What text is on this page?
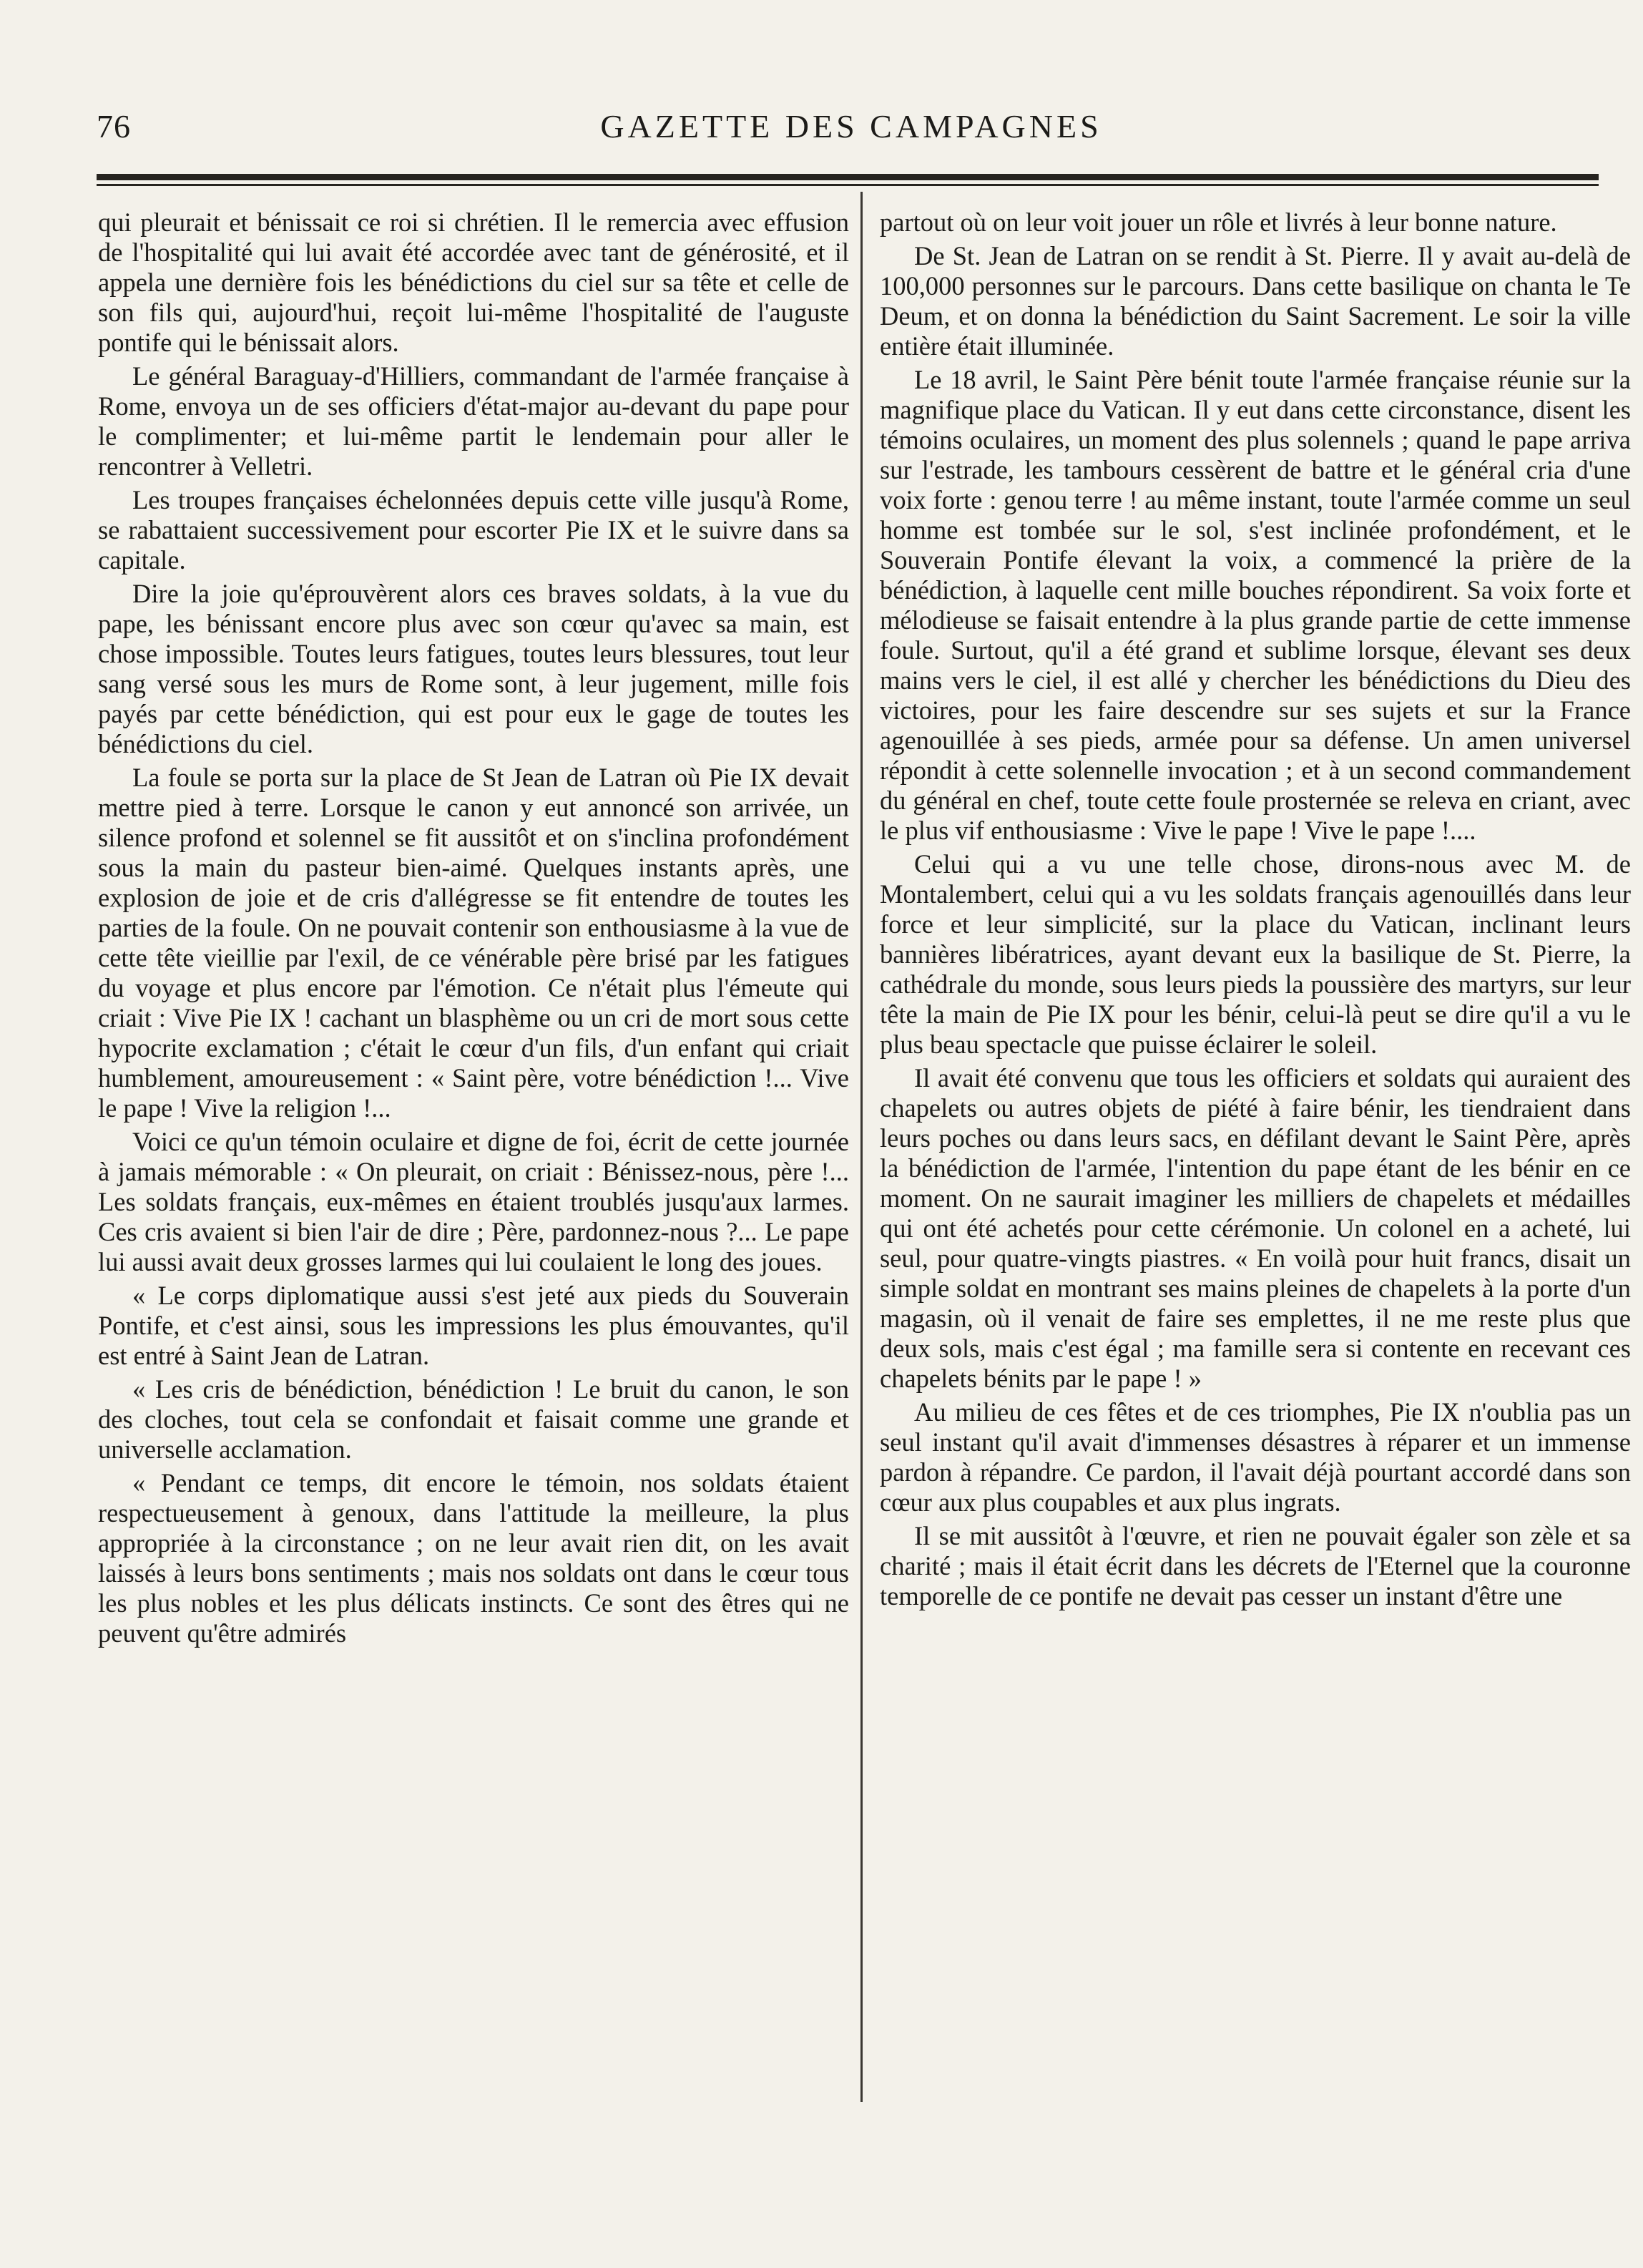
76	GAZETTE DES CAMPAGNES

qui pleurait et bénissait ce roi si chrétien. Il le remercia avec effusion de l'hospitalité qui lui avait été accordée avec tant de générosité, et il appela une dernière fois les bénédictions du ciel sur sa tête et celle de son fils qui, aujourd'hui, reçoit lui-même l'hospitalité de l'auguste pontife qui le bénissait alors.

Le général Baraguay-d'Hilliers, commandant de l'armée française à Rome, envoya un de ses officiers d'état-major au-devant du pape pour le complimenter; et lui-même partit le lendemain pour aller le rencontrer à Velletri.

Les troupes françaises échelonnées depuis cette ville jusqu'à Rome, se rabattaient successivement pour escorter Pie IX et le suivre dans sa capitale.

Dire la joie qu'éprouvèrent alors ces braves soldats, à la vue du pape, les bénissant encore plus avec son cœur qu'avec sa main, est chose impossible. Toutes leurs fatigues, toutes leurs blessures, tout leur sang versé sous les murs de Rome sont, à leur jugement, mille fois payés par cette bénédiction, qui est pour eux le gage de toutes les bénédictions du ciel.

La foule se porta sur la place de St Jean de Latran où Pie IX devait mettre pied à terre. Lorsque le canon y eut annoncé son arrivée, un silence profond et solennel se fit aussitôt et on s'inclina profondément sous la main du pasteur bien-aimé. Quelques instants après, une explosion de joie et de cris d'allégresse se fit entendre de toutes les parties de la foule. On ne pouvait contenir son enthousiasme à la vue de cette tête vieillie par l'exil, de ce vénérable père brisé par les fatigues du voyage et plus encore par l'émotion. Ce n'était plus l'émeute qui criait : Vive Pie IX ! cachant un blasphème ou un cri de mort sous cette hypocrite exclamation ; c'était le cœur d'un fils, d'un enfant qui criait humblement, amoureusement : « Saint père, votre bénédiction !... Vive le pape ! Vive la religion !...

Voici ce qu'un témoin oculaire et digne de foi, écrit de cette journée à jamais mémorable : « On pleurait, on criait : Bénissez-nous, père !... Les soldats français, eux-mêmes en étaient troublés jusqu'aux larmes. Ces cris avaient si bien l'air de dire ; Père, pardonnez-nous ?... Le pape lui aussi avait deux grosses larmes qui lui coulaient le long des joues.

« Le corps diplomatique aussi s'est jeté aux pieds du Souverain Pontife, et c'est ainsi, sous les impressions les plus émouvantes, qu'il est entré à Saint Jean de Latran.

« Les cris de bénédiction, bénédiction ! Le bruit du canon, le son des cloches, tout cela se confondait et faisait comme une grande et universelle acclamation.

« Pendant ce temps, dit encore le témoin, nos soldats étaient respectueusement à genoux, dans l'attitude la meilleure, la plus appropriée à la circonstance ; on ne leur avait rien dit, on les avait laissés à leurs bons sentiments ; mais nos soldats ont dans le cœur tous les plus nobles et les plus délicats instincts. Ce sont des êtres qui ne peuvent qu'être admirés

partout où on leur voit jouer un rôle et livrés à leur bonne nature.

De St. Jean de Latran on se rendit à St. Pierre. Il y avait au-delà de 100,000 personnes sur le parcours. Dans cette basilique on chanta le Te Deum, et on donna la bénédiction du Saint Sacrement. Le soir la ville entière était illuminée.

Le 18 avril, le Saint Père bénit toute l'armée française réunie sur la magnifique place du Vatican. Il y eut dans cette circonstance, disent les témoins oculaires, un moment des plus solennels ; quand le pape arriva sur l'estrade, les tambours cessèrent de battre et le général cria d'une voix forte : genou terre ! au même instant, toute l'armée comme un seul homme est tombée sur le sol, s'est inclinée profondément, et le Souverain Pontife élevant la voix, a commencé la prière de la bénédiction, à laquelle cent mille bouches répondirent. Sa voix forte et mélodieuse se faisait entendre à la plus grande partie de cette immense foule. Surtout, qu'il a été grand et sublime lorsque, élevant ses deux mains vers le ciel, il est allé y chercher les bénédictions du Dieu des victoires, pour les faire descendre sur ses sujets et sur la France agenouillée à ses pieds, armée pour sa défense. Un amen universel répondit à cette solennelle invocation ; et à un second commandement du général en chef, toute cette foule prosternée se releva en criant, avec le plus vif enthousiasme : Vive le pape ! Vive le pape !....

Celui qui a vu une telle chose, dirons-nous avec M. de Montalembert, celui qui a vu les soldats français agenouillés dans leur force et leur simplicité, sur la place du Vatican, inclinant leurs bannières libératrices, ayant devant eux la basilique de St. Pierre, la cathédrale du monde, sous leurs pieds la poussière des martyrs, sur leur tête la main de Pie IX pour les bénir, celui-là peut se dire qu'il a vu le plus beau spectacle que puisse éclairer le soleil.

Il avait été convenu que tous les officiers et soldats qui auraient des chapelets ou autres objets de piété à faire bénir, les tiendraient dans leurs poches ou dans leurs sacs, en défilant devant le Saint Père, après la bénédiction de l'armée, l'intention du pape étant de les bénir en ce moment. On ne saurait imaginer les milliers de chapelets et médailles qui ont été achetés pour cette cérémonie. Un colonel en a acheté, lui seul, pour quatre-vingts piastres. « En voilà pour huit francs, disait un simple soldat en montrant ses mains pleines de chapelets à la porte d'un magasin, où il venait de faire ses emplettes, il ne me reste plus que deux sols, mais c'est égal ; ma famille sera si contente en recevant ces chapelets bénits par le pape ! »

Au milieu de ces fêtes et de ces triomphes, Pie IX n'oublia pas un seul instant qu'il avait d'immenses désastres à réparer et un immense pardon à répandre. Ce pardon, il l'avait déjà pourtant accordé dans son cœur aux plus coupables et aux plus ingrats.

Il se mit aussitôt à l'œuvre, et rien ne pouvait égaler son zèle et sa charité ; mais il était écrit dans les décrets de l'Eternel que la couronne temporelle de ce pontife ne devait pas cesser un instant d'être une
